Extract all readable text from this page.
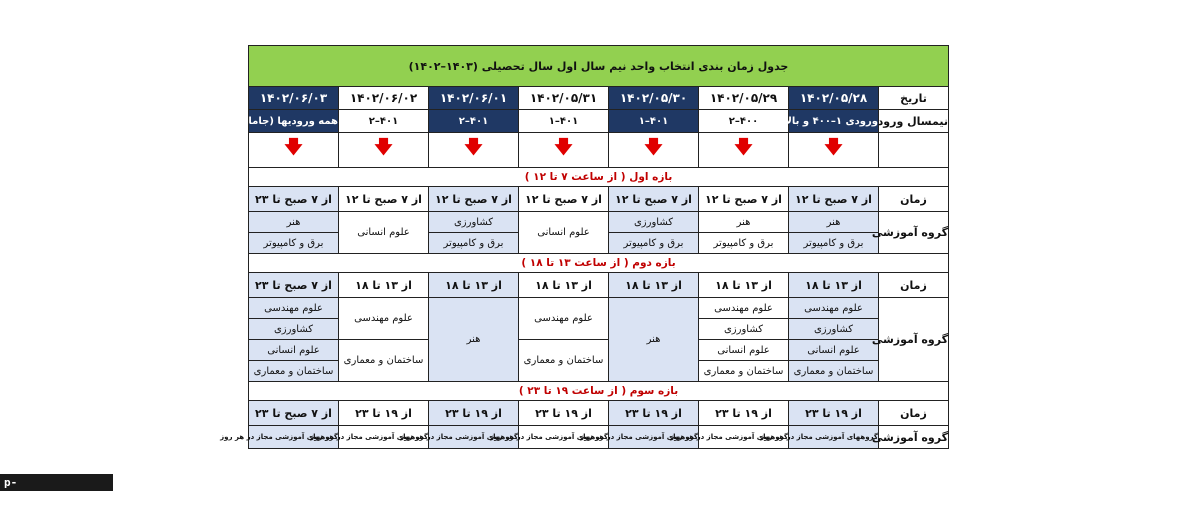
جدول زمان بندی انتخاب واحد نیم سال اول سال تحصیلی (۱۴۰۳–۱۴۰۲)							
تاریخ	۱۴۰۲/۰۵/۲۸	۱۴۰۲/۰۵/۲۹	۱۴۰۲/۰۵/۳۰	۱۴۰۲/۰۵/۳۱	۱۴۰۲/۰۶/۰۱	۱۴۰۲/۰۶/۰۲	۱۴۰۲/۰۶/۰۳
نیمسال ورود	ورودی ۱–۴۰۰ و بالاتر	۴۰۰–۲	۴۰۱–۱	۴۰۱–۱	۴۰۱–۲	۴۰۱–۲	همه ورودیها (جامانده)
	🡇	🡇	🡇	🡇	🡇	🡇	🡇
بازه اول ( از ساعت ۷ تا ۱۲ )							
زمان	از ۷ صبح تا ۱۲	از ۷ صبح تا ۱۲	از ۷ صبح تا ۱۲	از ۷ صبح تا ۱۲	از ۷ صبح تا ۱۲	از ۷ صبح تا ۱۲	از ۷ صبح تا ۲۳
گروه آموزشی	هنر	هنر	کشاورزی	علوم انسانی	کشاورزی	علوم انسانی	هنر
	برق و کامپیوتر	برق و کامپیوتر	برق و کامپیوتر		برق و کامپیوتر		برق و کامپیوتر
بازه دوم ( از ساعت ۱۳ تا ۱۸ )							
زمان	از ۱۳ تا ۱۸	از ۱۳ تا ۱۸	از ۱۳ تا ۱۸	از ۱۳ تا ۱۸	از ۱۳ تا ۱۸	از ۱۳ تا ۱۸	از ۷ صبح تا ۲۳
گروه آموزشی	علوم مهندسی	علوم مهندسی	هنر	علوم مهندسی	هنر	علوم مهندسی	علوم مهندسی
	کشاورزی	کشاورزی					کشاورزی
	علوم انسانی	علوم انسانی		ساختمان و معماری		ساختمان و معماری	علوم انسانی
	ساختمان و معماری	ساختمان و معماری					ساختمان و معماری
بازه سوم ( از ساعت ۱۹ تا ۲۳ )							
زمان	از ۱۹ تا ۲۳	از ۱۹ تا ۲۳	از ۱۹ تا ۲۳	از ۱۹ تا ۲۳	از ۱۹ تا ۲۳	از ۱۹ تا ۲۳	از ۷ صبح تا ۲۳
گروه آموزشی	گروههای آموزشی مجاز در هر روز	گروههای آموزشی مجاز در هر روز	گروههای آموزشی مجاز در هر روز	گروههای آموزشی مجاز در هر روز	گروههای آموزشی مجاز در هر روز	گروههای آموزشی مجاز در هر روز	گروههای آموزشی مجاز در هر روز
p-borujerd.tvu.ac.ir
